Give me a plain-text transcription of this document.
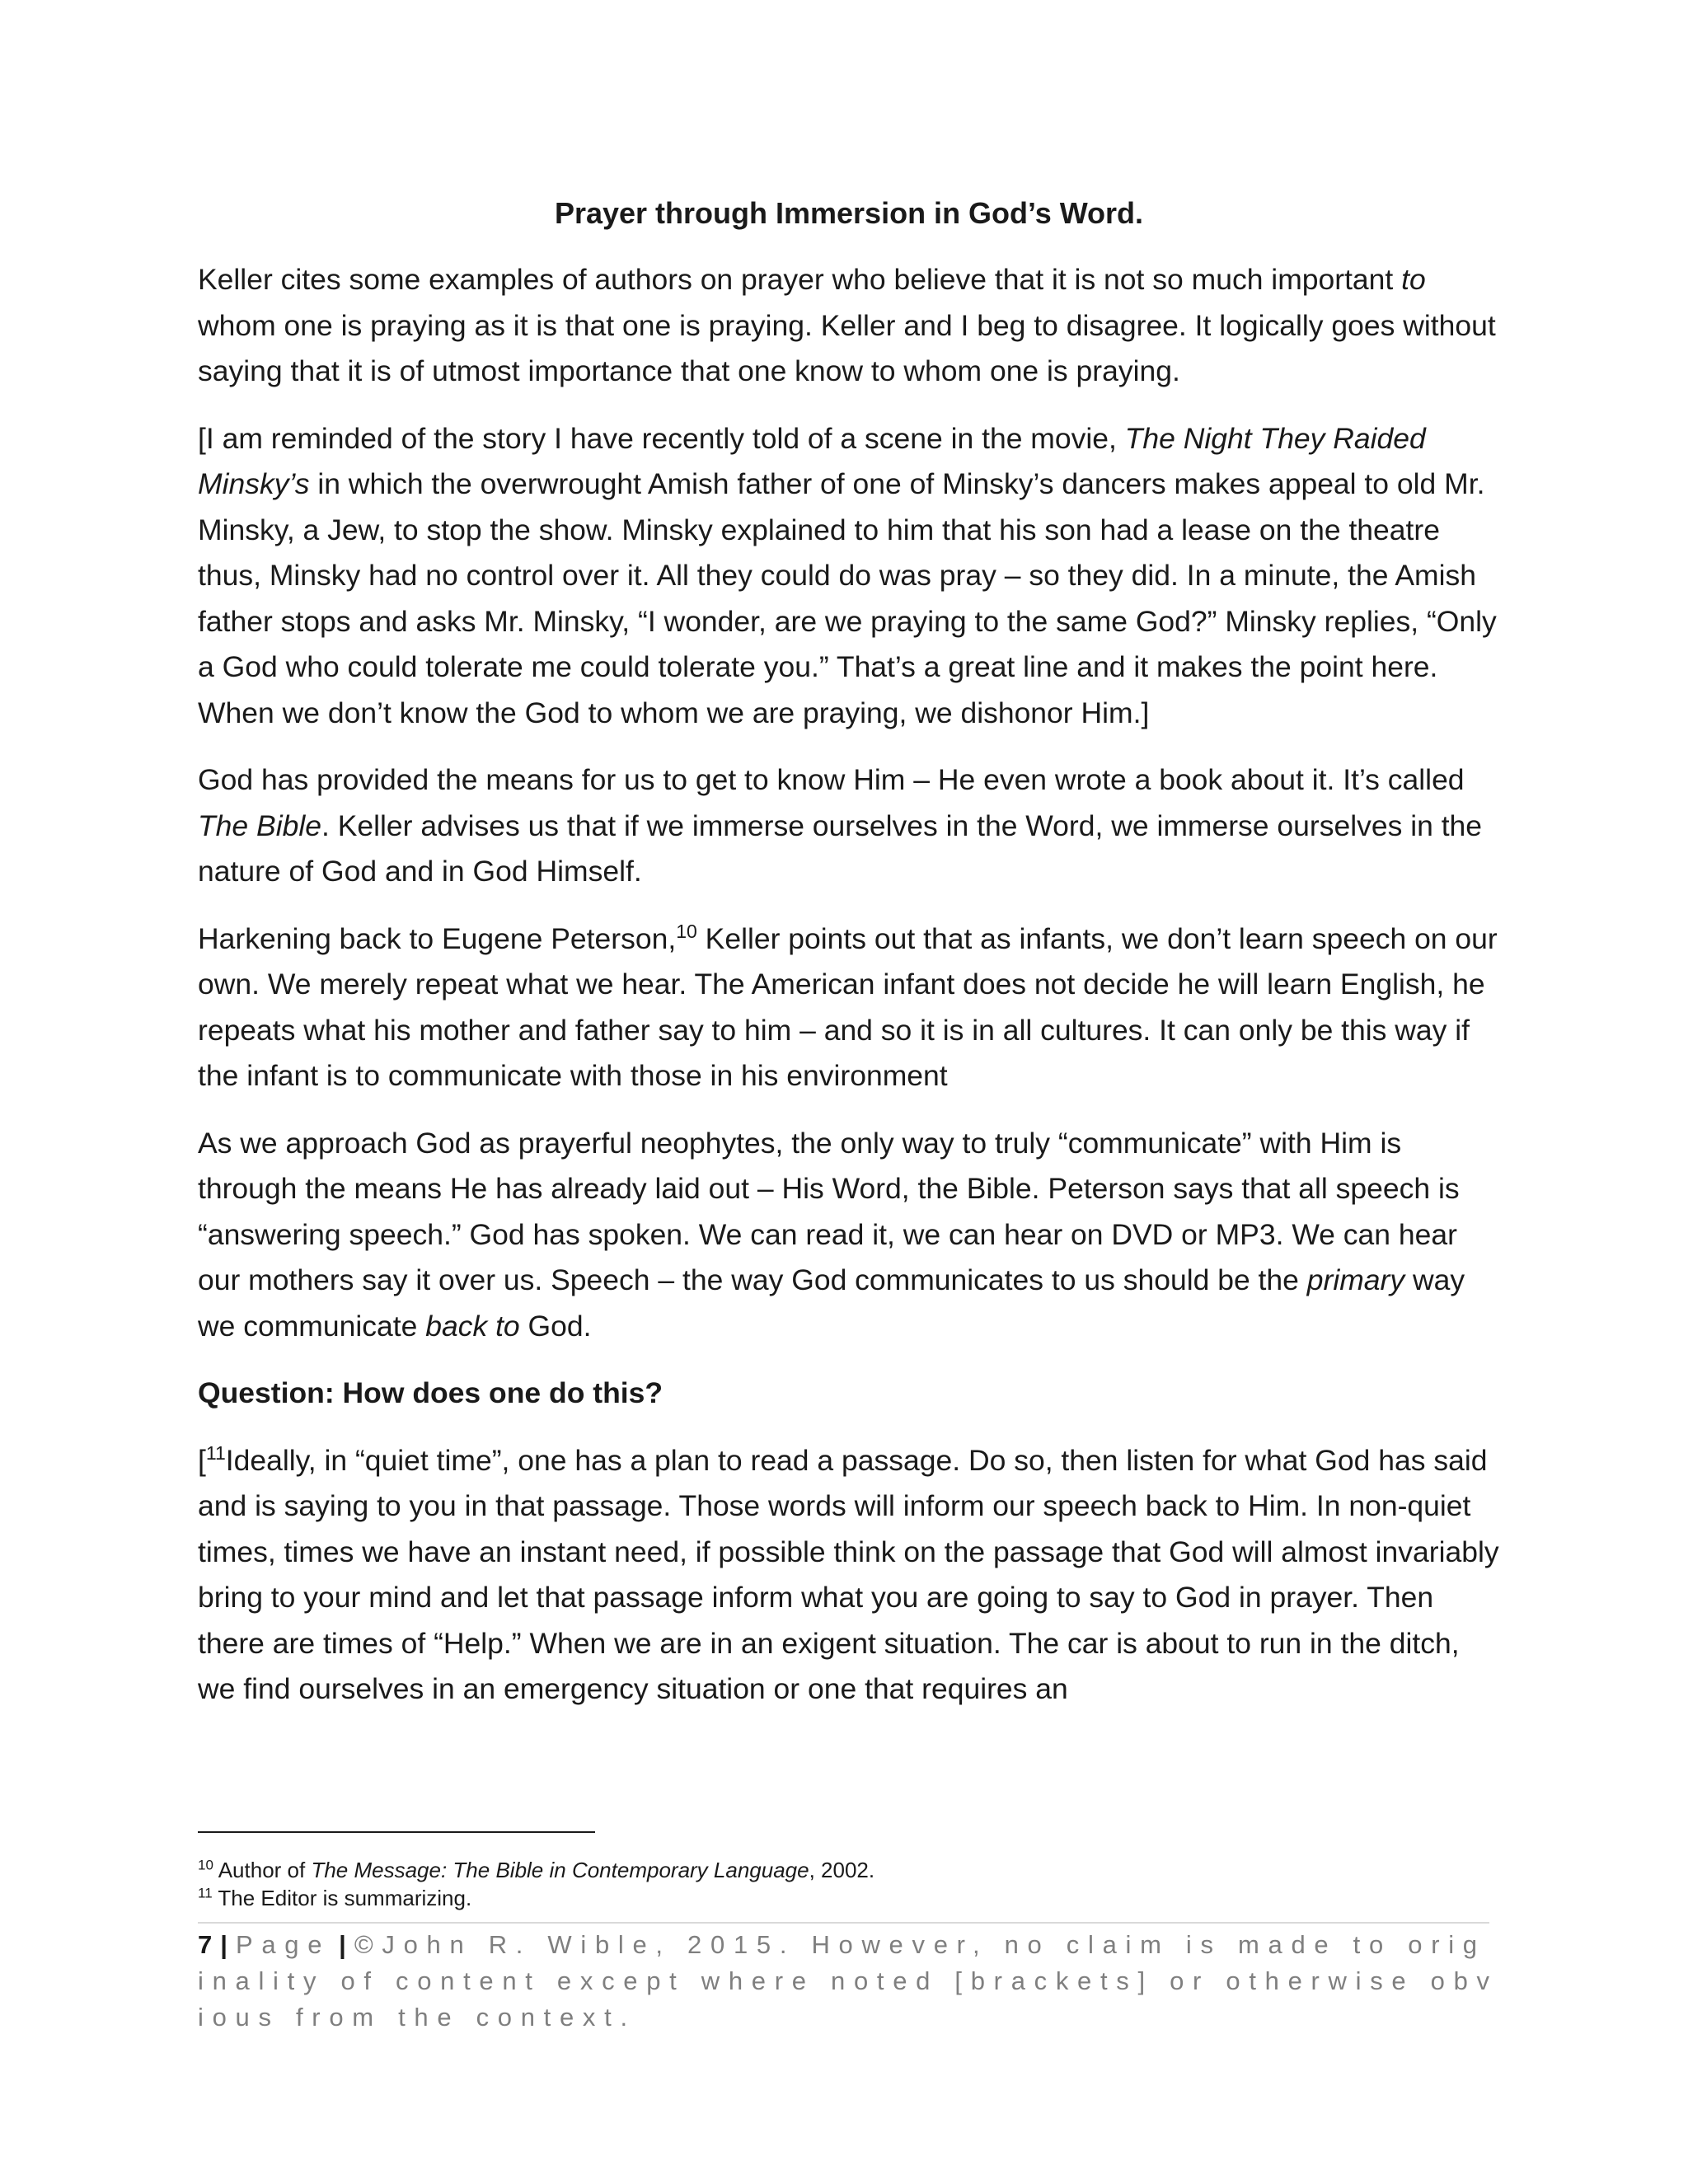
Prayer through Immersion in God’s Word.

Keller cites some examples of authors on prayer who believe that it is not so much important to whom one is praying as it is that one is praying. Keller and I beg to disagree. It logically goes without saying that it is of utmost importance that one know to whom one is praying.

[I am reminded of the story I have recently told of a scene in the movie, The Night They Raided Minsky’s in which the overwrought Amish father of one of Minsky’s dancers makes appeal to old Mr. Minsky, a Jew, to stop the show. Minsky explained to him that his son had a lease on the theatre thus, Minsky had no control over it. All they could do was pray – so they did. In a minute, the Amish father stops and asks Mr. Minsky, “I wonder, are we praying to the same God?” Minsky replies, “Only a God who could tolerate me could tolerate you.” That’s a great line and it makes the point here. When we don’t know the God to whom we are praying, we dishonor Him.]

God has provided the means for us to get to know Him – He even wrote a book about it. It’s called The Bible. Keller advises us that if we immerse ourselves in the Word, we immerse ourselves in the nature of God and in God Himself.

Harkening back to Eugene Peterson,$^{10}$ Keller points out that as infants, we don’t learn speech on our own. We merely repeat what we hear. The American infant does not decide he will learn English, he repeats what his mother and father say to him – and so it is in all cultures. It can only be this way if the infant is to communicate with those in his environment

As we approach God as prayerful neophytes, the only way to truly “communicate” with Him is through the means He has already laid out – His Word, the Bible. Peterson says that all speech is “answering speech.” God has spoken. We can read it, we can hear on DVD or MP3. We can hear our mothers say it over us. Speech – the way God communicates to us should be the primary way we communicate back to God.

Question: How does one do this?

[$^{11}$Ideally, in “quiet time”, one has a plan to read a passage. Do so, then listen for what God has said and is saying to you in that passage. Those words will inform our speech back to Him. In non-quiet times, times we have an instant need, if possible think on the passage that God will almost invariably bring to your mind and let that passage inform what you are going to say to God in prayer. Then there are times of “Help.” When we are in an exigent situation. The car is about to run in the ditch, we find ourselves in an emergency situation or one that requires an

$^{10}$ Author of The Message: The Bible in Contemporary Language, 2002.

$^{11}$ The Editor is summarizing.

7 | Page | ©John R. Wible, 2015. However, no claim is made to originality of content except where noted [brackets] or otherwise obvious from the context.
